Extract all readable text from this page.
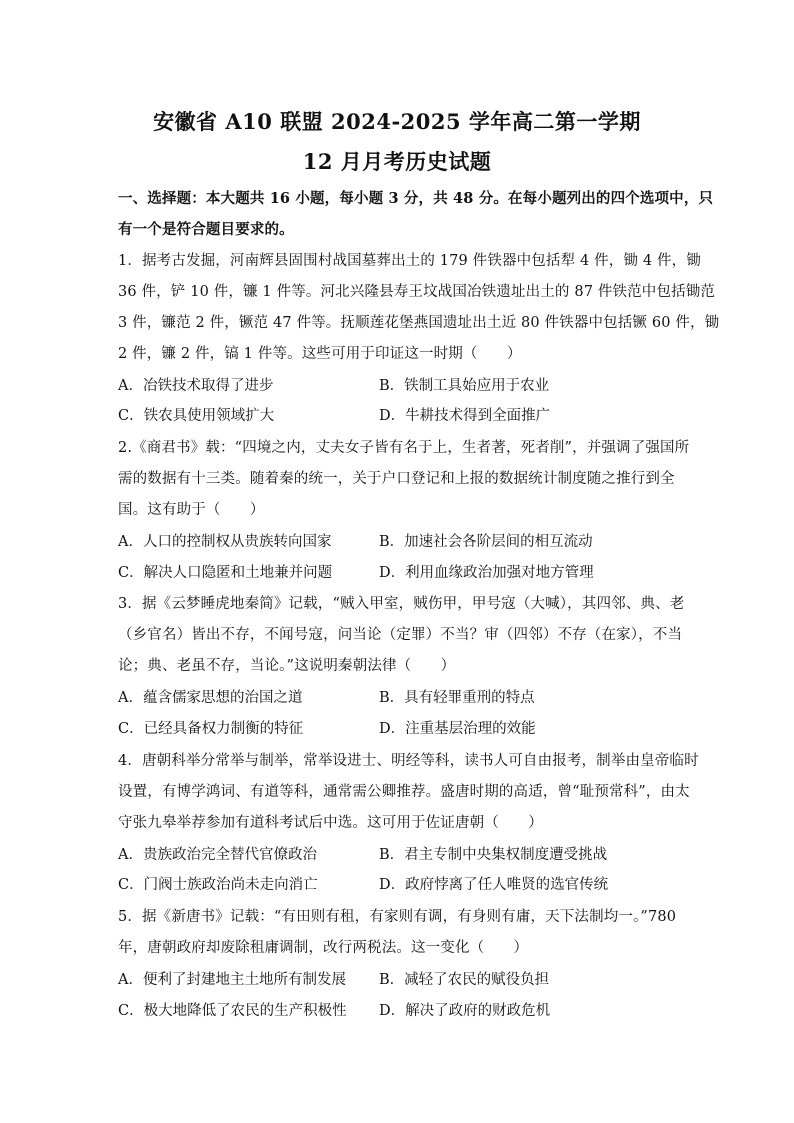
安徽省 A10 联盟 2024-2025 学年高二第一学期
12 月月考历史试题
一、选择题：本大题共 16 小题，每小题 3 分，共 48 分。在每小题列出的四个选项中，只
有一个是符合题目要求的。
1．据考古发掘，河南辉县固围村战国墓葬出土的 179 件铁器中包括犁 4 件，锄 4 件，锄
36 件，铲 10 件，镰 1 件等。河北兴隆县寿王坟战国冶铁遗址出土的 87 件铁范中包括锄范
3 件，镰范 2 件，镢范 47 件等。抚顺莲花堡燕国遗址出土近 80 件铁器中包括镢 60 件，锄
2 件，镰 2 件，镐 1 件等。这些可用于印证这一时期（　　）
A．冶铁技术取得了进步	B．铁制工具始应用于农业
C．铁农具使用领域扩大	D．牛耕技术得到全面推广
2.《商君书》载：“四境之内，丈夫女子皆有名于上，生者著，死者削”，并强调了强国所
需的数据有十三类。随着秦的统一，关于户口登记和上报的数据统计制度随之推行到全
国。这有助于（　　）
A．人口的控制权从贵族转向国家	B．加速社会各阶层间的相互流动
C．解决人口隐匿和土地兼并问题	D．利用血缘政治加强对地方管理
3．据《云梦睡虎地秦简》记载，“贼入甲室，贼伤甲，甲号寇（大喊），其四邻、典、老
（乡官名）皆出不存，不闻号寇，问当论（定罪）不当？审（四邻）不存（在家），不当
论；典、老虽不存，当论。”这说明秦朝法律（　　）
A．蕴含儒家思想的治国之道	B．具有轻罪重刑的特点
C．已经具备权力制衡的特征	D．注重基层治理的效能
4．唐朝科举分常举与制举，常举设进士、明经等科，读书人可自由报考，制举由皇帝临时
设置，有博学鸿词、有道等科，通常需公卿推荐。盛唐时期的高适，曾“耻预常科”，由太
守张九皋举荐参加有道科考试后中选。这可用于佐证唐朝（　　）
A．贵族政治完全替代官僚政治	B．君主专制中央集权制度遭受挑战
C．门阀士族政治尚未走向消亡	D．政府悖离了任人唯贤的选官传统
5．据《新唐书》记载：“有田则有租，有家则有调，有身则有庸，天下法制均一。”780
年，唐朝政府却废除租庸调制，改行两税法。这一变化（　　）
A．便利了封建地主土地所有制发展 B．减轻了农民的赋役负担
C．极大地降低了农民的生产积极性 D．解决了政府的财政危机
